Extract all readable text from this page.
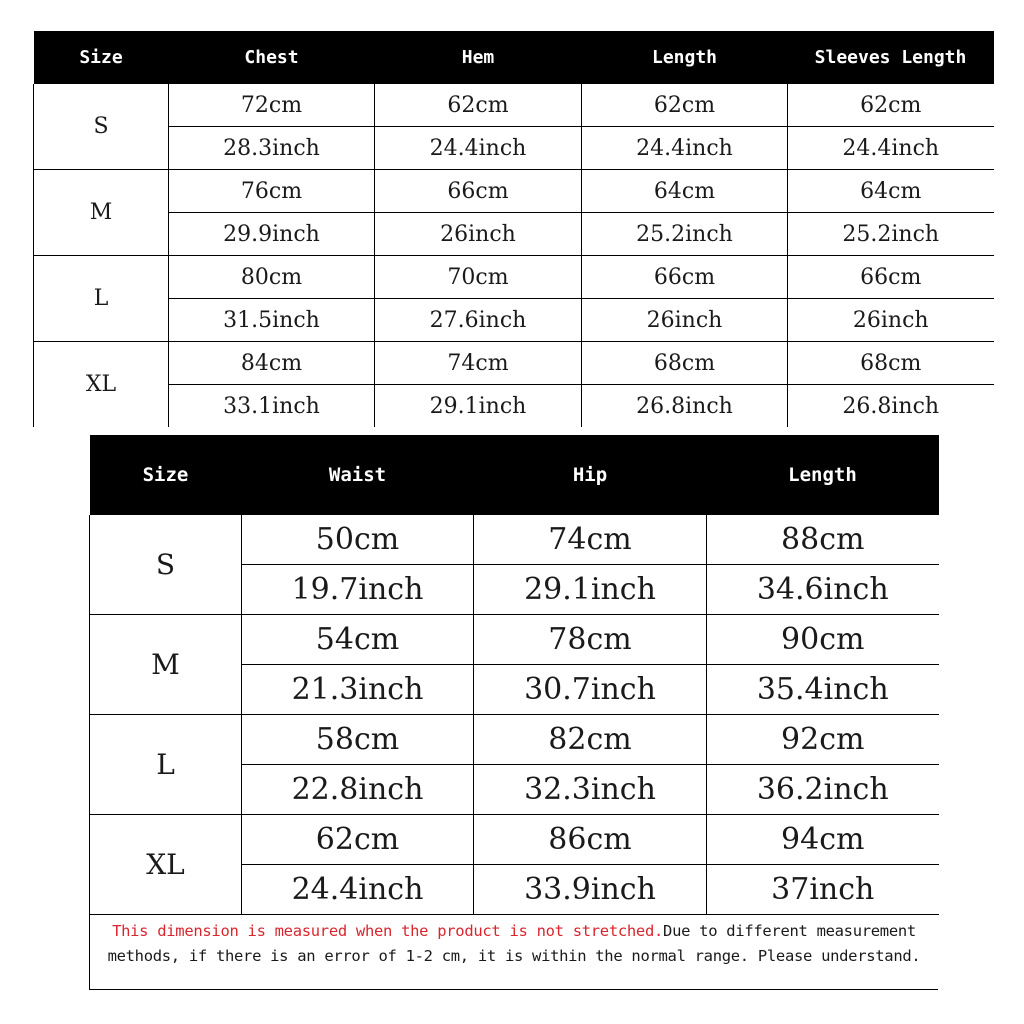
Size	Chest	Hem	Length	Sleeves Length
S	72cm	62cm	62cm	62cm
	28.3inch	24.4inch	24.4inch	24.4inch
M	76cm	66cm	64cm	64cm
	29.9inch	26inch	25.2inch	25.2inch
L	80cm	70cm	66cm	66cm
	31.5inch	27.6inch	26inch	26inch
XL	84cm	74cm	68cm	68cm
	33.1inch	29.1inch	26.8inch	26.8inch
Size	Waist	Hip	Length
S	50cm	74cm	88cm
	19.7inch	29.1inch	34.6inch
M	54cm	78cm	90cm
	21.3inch	30.7inch	35.4inch
L	58cm	82cm	92cm
	22.8inch	32.3inch	36.2inch
XL	62cm	86cm	94cm
	24.4inch	33.9inch	37inch
This dimension is measured when the product is not stretched.Due to different measurement methods, if there is an error of 1-2 cm, it is within the normal range. Please understand.
